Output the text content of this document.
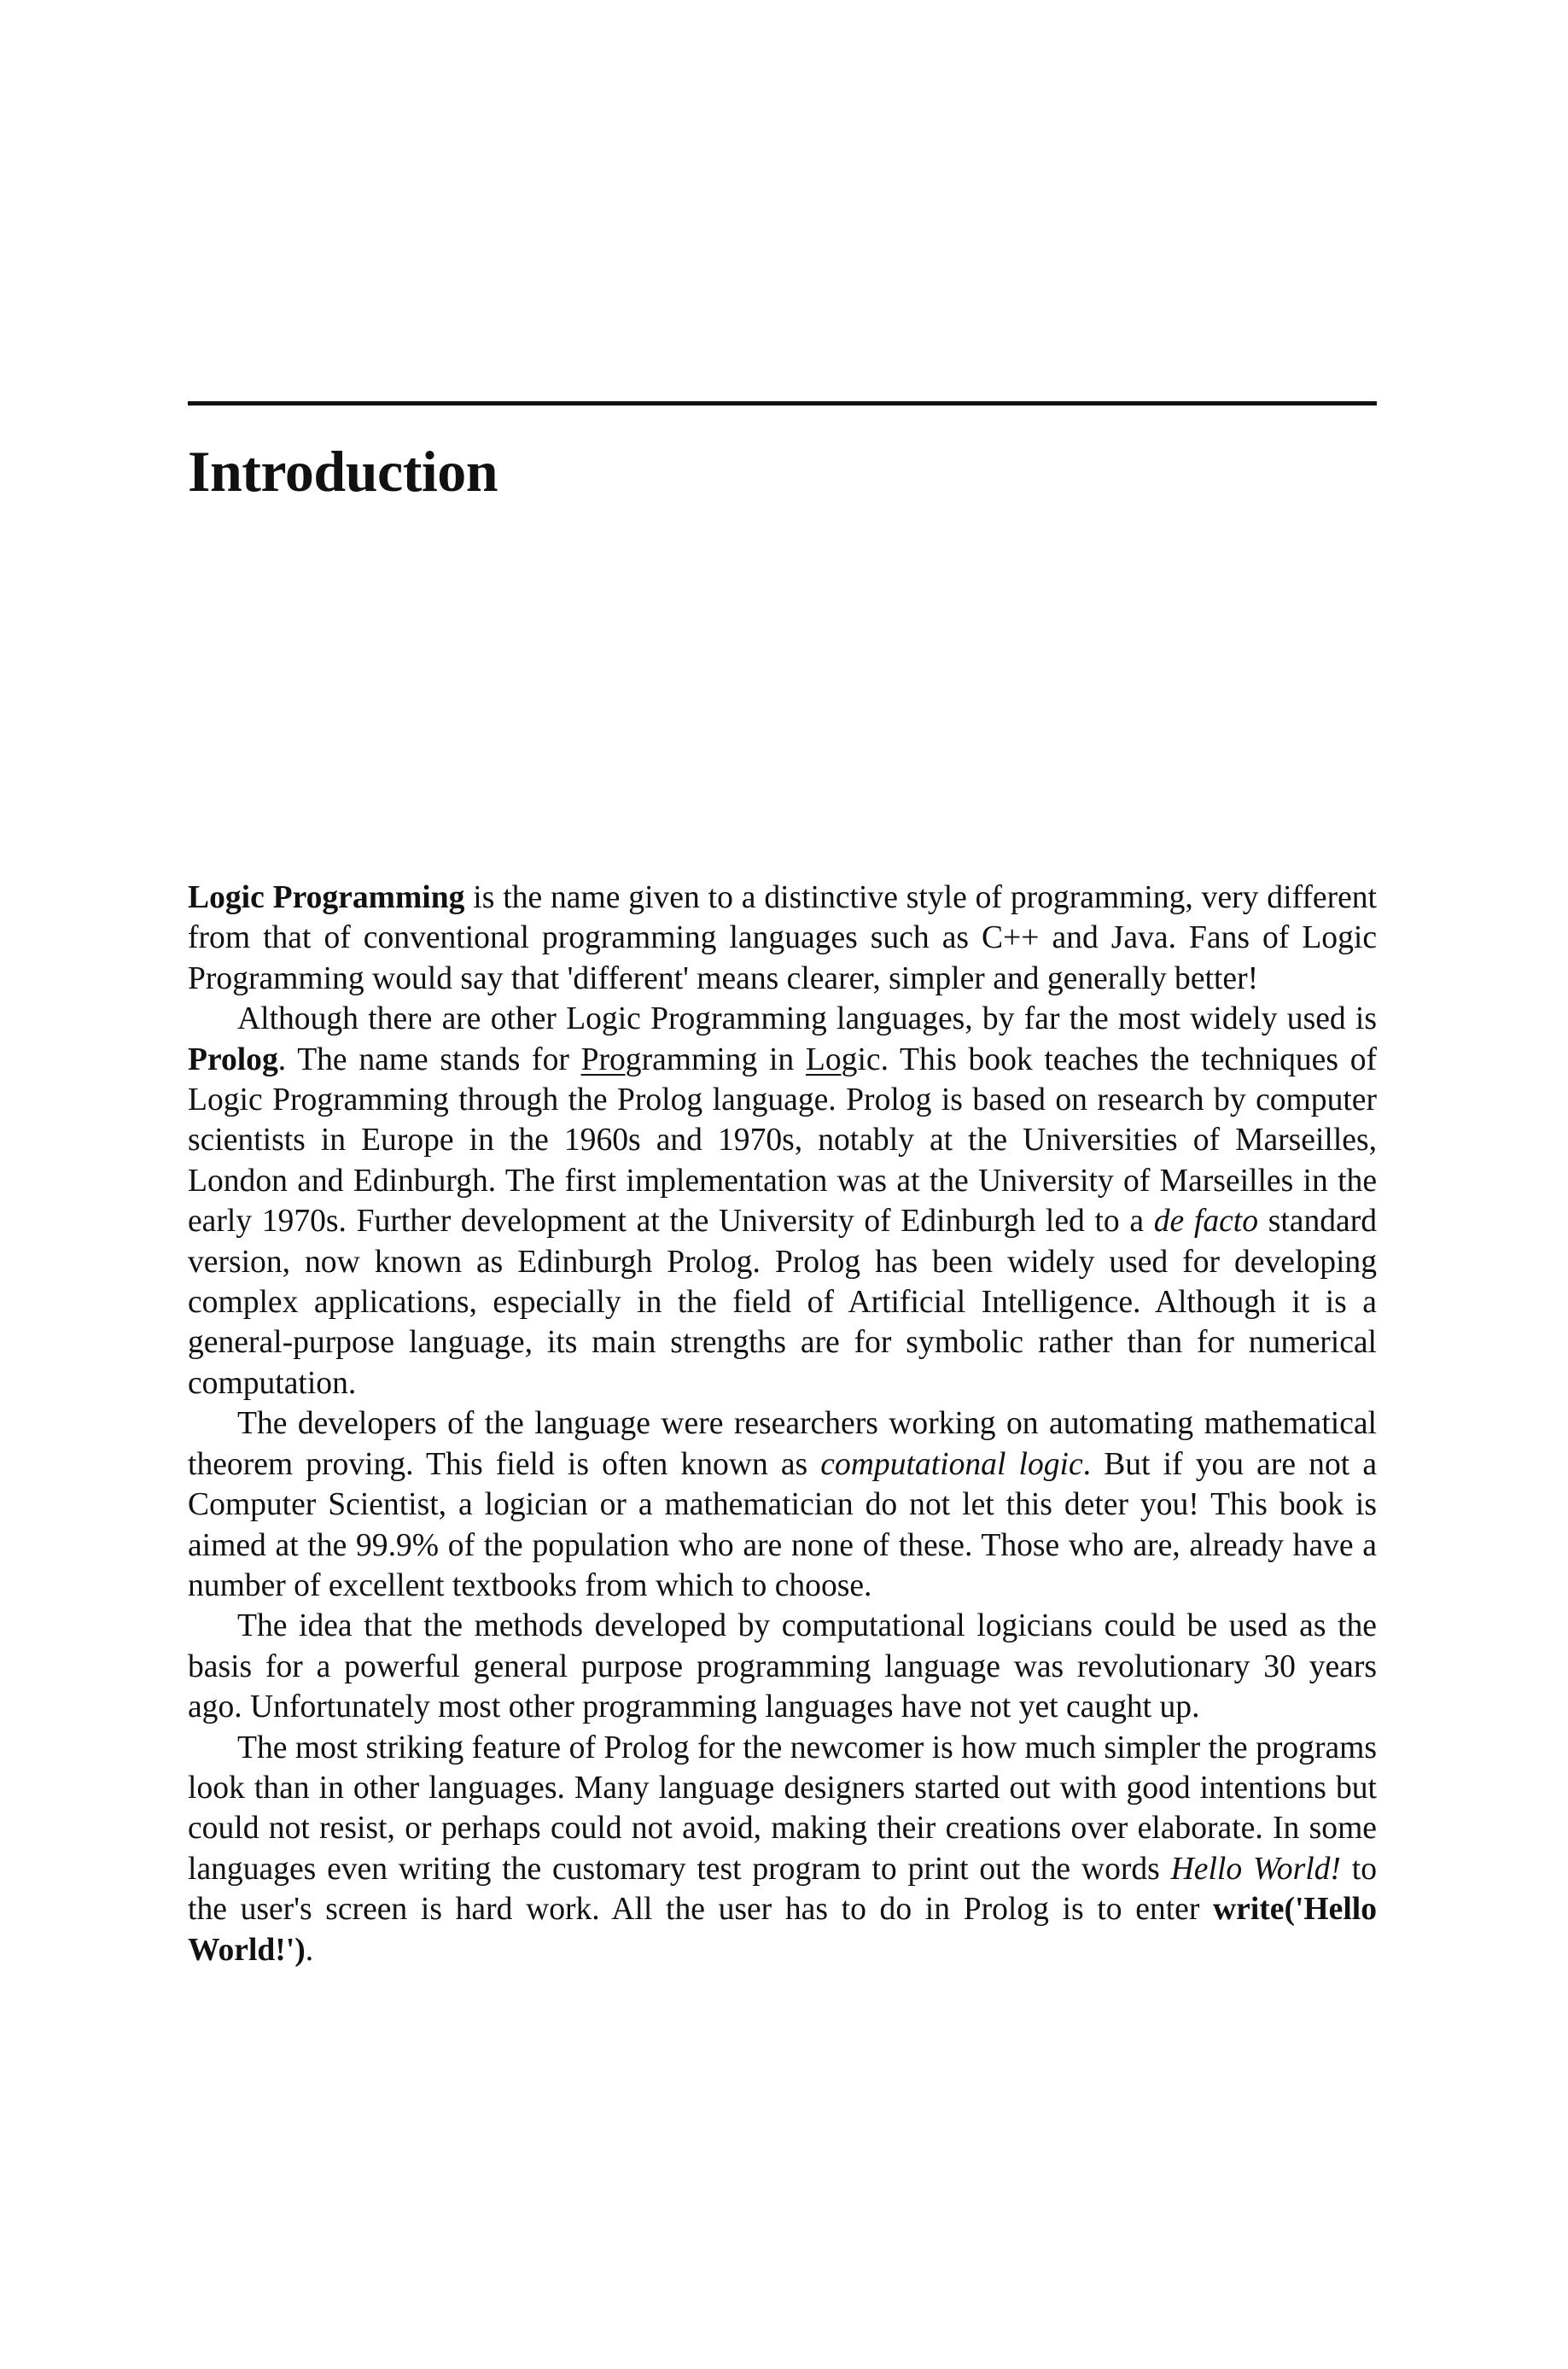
Introduction

Logic Programming is the name given to a distinctive style of programming, very different from that of conventional programming languages such as C++ and Java. Fans of Logic Programming would say that 'different' means clearer, simpler and generally better!

Although there are other Logic Programming languages, by far the most widely used is Prolog. The name stands for Programming in Logic. This book teaches the techniques of Logic Programming through the Prolog language. Prolog is based on research by computer scientists in Europe in the 1960s and 1970s, notably at the Universities of Marseilles, London and Edinburgh. The first implementation was at the University of Marseilles in the early 1970s. Further development at the University of Edinburgh led to a de facto standard version, now known as Edinburgh Prolog. Prolog has been widely used for developing complex applications, especially in the field of Artificial Intelligence. Although it is a general-purpose language, its main strengths are for symbolic rather than for numerical computation.

The developers of the language were researchers working on automating mathematical theorem proving. This field is often known as computational logic. But if you are not a Computer Scientist, a logician or a mathematician do not let this deter you! This book is aimed at the 99.9% of the population who are none of these. Those who are, already have a number of excellent textbooks from which to choose.

The idea that the methods developed by computational logicians could be used as the basis for a powerful general purpose programming language was revolutionary 30 years ago. Unfortunately most other programming languages have not yet caught up.

The most striking feature of Prolog for the newcomer is how much simpler the programs look than in other languages. Many language designers started out with good intentions but could not resist, or perhaps could not avoid, making their creations over elaborate. In some languages even writing the customary test program to print out the words Hello World! to the user's screen is hard work. All the user has to do in Prolog is to enter write('Hello World!').
